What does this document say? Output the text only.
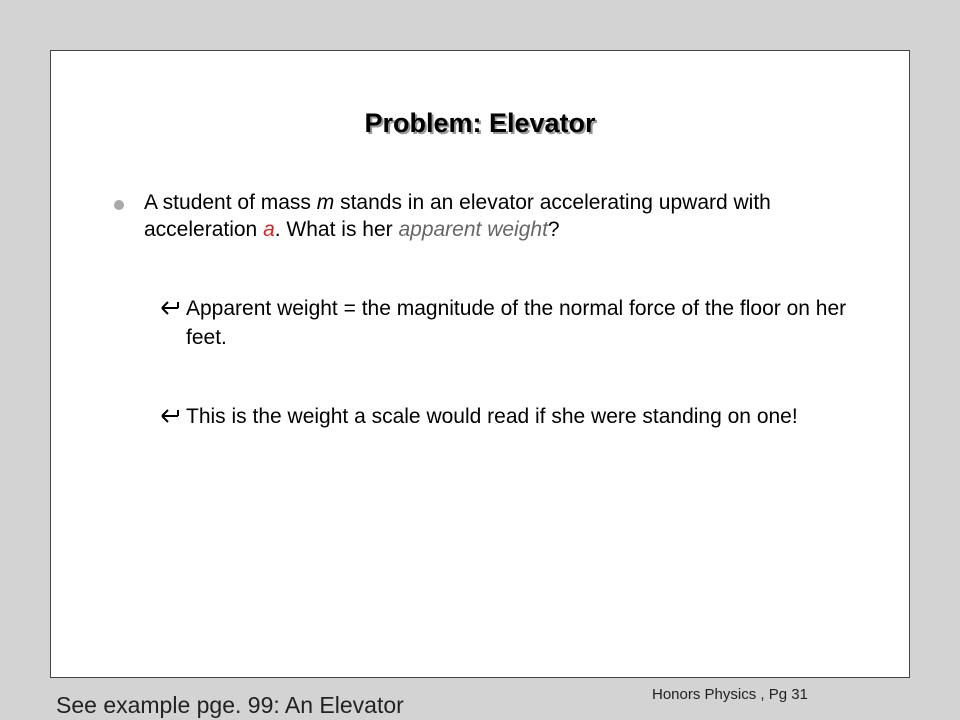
Problem: Elevator
A student of mass m stands in an elevator accelerating upward with acceleration a. What is her apparent weight?
Apparent weight = the magnitude of the normal force of the floor on her feet.
This is the weight a scale would read if she were standing on one!
See example pge. 99: An Elevator	Honors Physics , Pg 31
